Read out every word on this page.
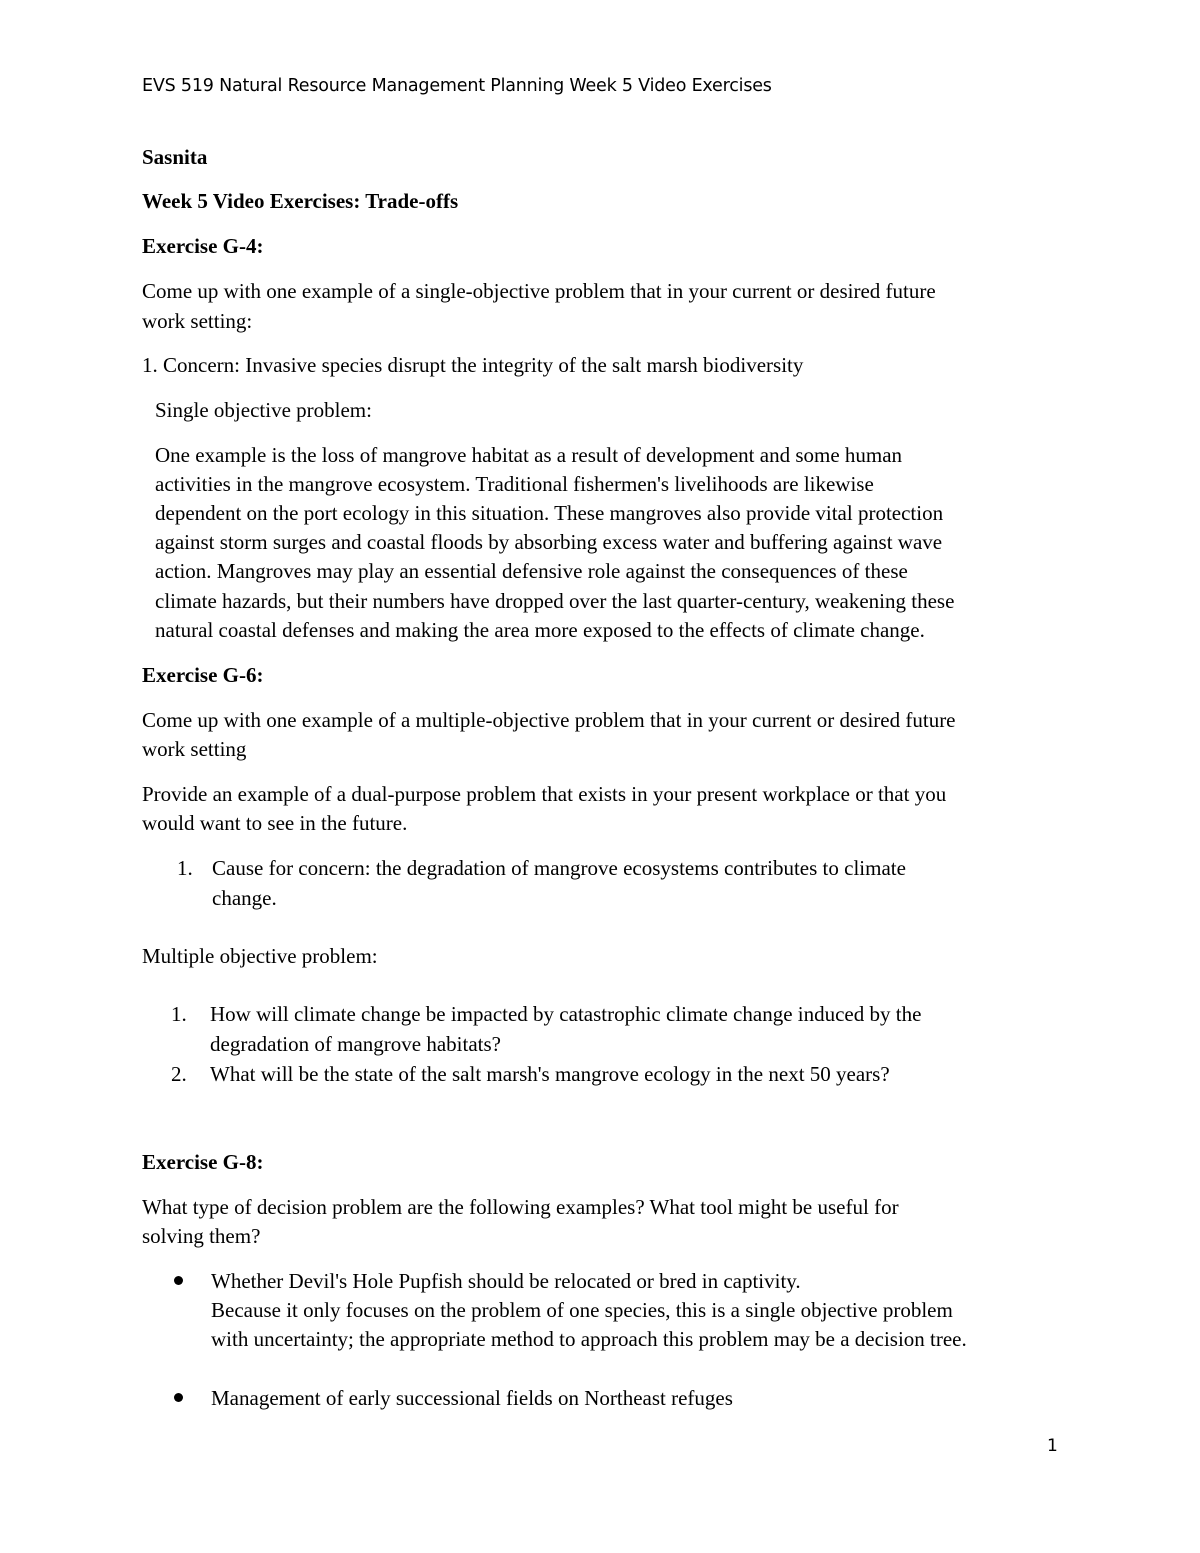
EVS 519 Natural Resource Management Planning Week 5 Video Exercises
Sasnita
Week 5 Video Exercises: Trade-offs
Exercise G-4:
Come up with one example of a single-objective problem that in your current or desired future
work setting:
1. Concern: Invasive species disrupt the integrity of the salt marsh biodiversity
Single objective problem:
One example is the loss of mangrove habitat as a result of development and some human
activities in the mangrove ecosystem. Traditional fishermen's livelihoods are likewise
dependent on the port ecology in this situation. These mangroves also provide vital protection
against storm surges and coastal floods by absorbing excess water and buffering against wave
action. Mangroves may play an essential defensive role against the consequences of these
climate hazards, but their numbers have dropped over the last quarter-century, weakening these
natural coastal defenses and making the area more exposed to the effects of climate change.
Exercise G-6:
Come up with one example of a multiple-objective problem that in your current or desired future
work setting
Provide an example of a dual-purpose problem that exists in your present workplace or that you
would want to see in the future.
1. Cause for concern: the degradation of mangrove ecosystems contributes to climate
change.
Multiple objective problem:
1. How will climate change be impacted by catastrophic climate change induced by the
degradation of mangrove habitats?
2. What will be the state of the salt marsh's mangrove ecology in the next 50 years?
Exercise G-8:
What type of decision problem are the following examples? What tool might be useful for
solving them?
Whether Devil's Hole Pupfish should be relocated or bred in captivity.
Because it only focuses on the problem of one species, this is a single objective problem
with uncertainty; the appropriate method to approach this problem may be a decision tree.
Management of early successional fields on Northeast refuges
1
